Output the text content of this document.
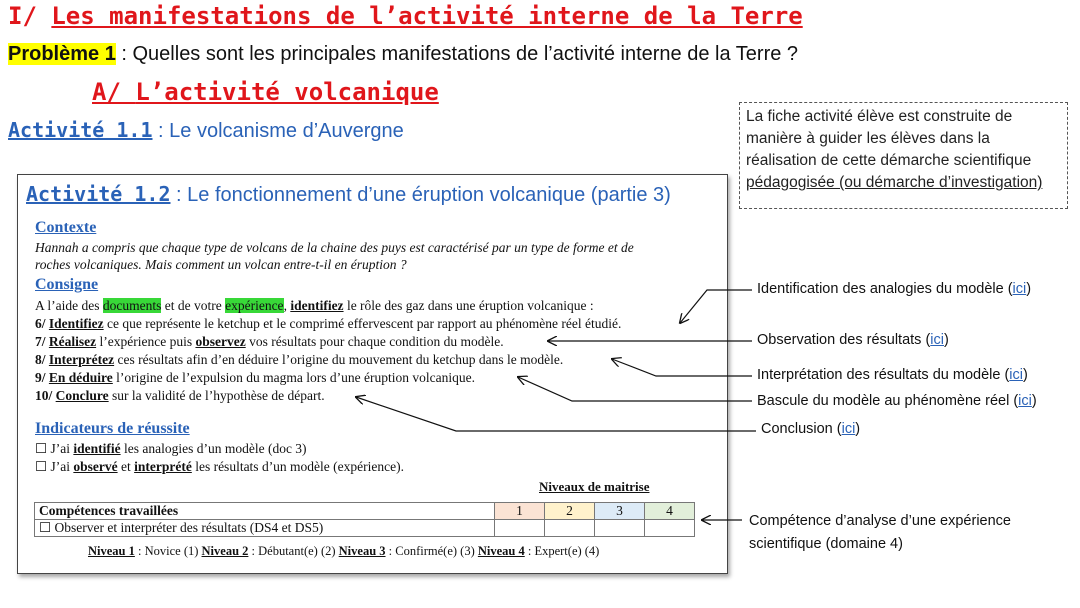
I/ Les manifestations de l’activité interne de la Terre
Problème 1 : Quelles sont les principales manifestations de l’activité interne de la Terre ?
A/ L’activité volcanique
Activité 1.1 : Le volcanisme d’Auvergne
La fiche activité élève est construite de
manière à guider les élèves dans la
réalisation de cette démarche scientifique
pédagogisée (ou démarche d’investigation)
Activité 1.2 : Le fonctionnement d’une éruption volcanique (partie 3)
Contexte
Hannah a compris que chaque type de volcans de la chaine des puys est caractérisé par un type de forme et de
roches volcaniques. Mais comment un volcan entre-t-il en éruption ?
Consigne
A l’aide des documents et de votre expérience, identifiez le rôle des gaz dans une éruption volcanique :
6/ Identifiez ce que représente le ketchup et le comprimé effervescent par rapport au phénomène réel étudié.
7/ Réalisez l’expérience puis observez vos résultats pour chaque condition du modèle.
8/ Interprétez ces résultats afin d’en déduire l’origine du mouvement du ketchup dans le modèle.
9/ En déduire l’origine de l’expulsion du magma lors d’une éruption volcanique.
10/ Conclure sur la validité de l’hypothèse de départ.
Indicateurs de réussite
☐ J’ai identifié les analogies d’un modèle (doc 3)
☐ J’ai observé et interprété les résultats d’un modèle (expérience).
Niveaux de maitrise
Compétences travaillées	1	2	3	4
☐ Observer et interpréter des résultats (DS4 et DS5)				
Niveau 1 : Novice (1) Niveau 2 : Débutant(e) (2) Niveau 3 : Confirmé(e) (3) Niveau 4 : Expert(e) (4)
Identification des analogies du modèle (ici)
Observation des résultats (ici)
Interprétation des résultats du modèle (ici)
Bascule du modèle au phénomène réel (ici)
Conclusion (ici)
Compétence d’analyse d’une expérience
scientifique (domaine 4)
